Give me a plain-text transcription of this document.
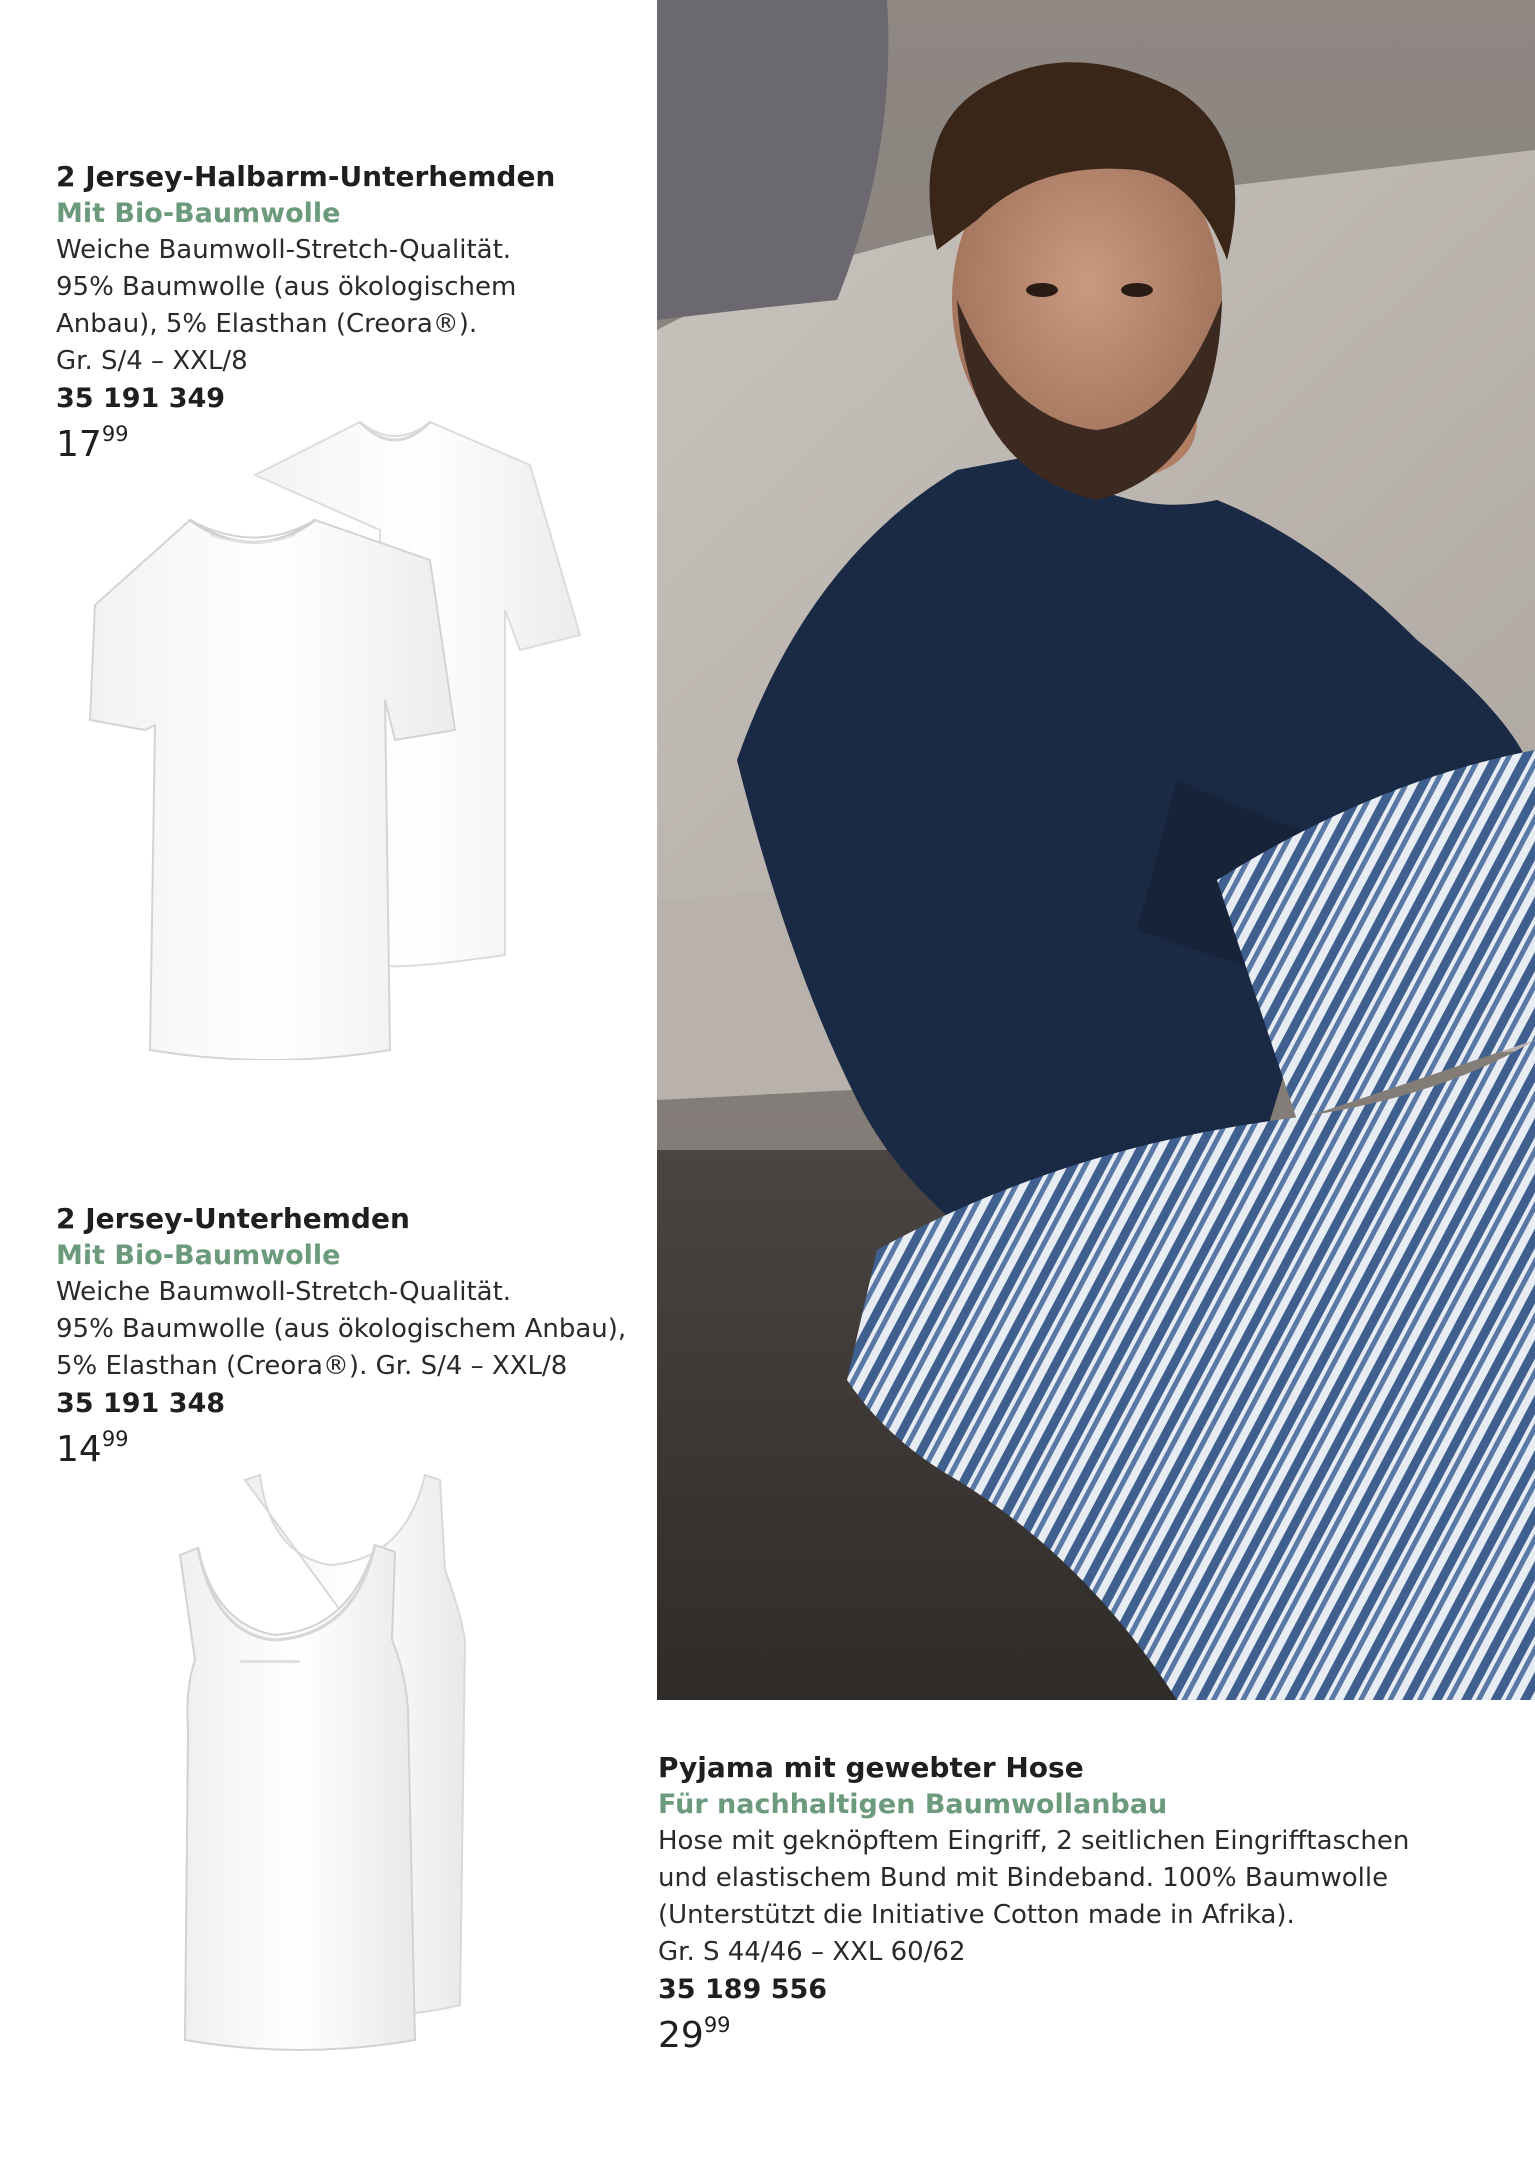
2 Jersey-Halbarm-Unterhemden
Mit Bio-Baumwolle
Weiche Baumwoll-Stretch-Qualität.
95% Baumwolle (aus ökologischem
Anbau), 5% Elasthan (Creora®).
Gr. S/4 – XXL/8
35 191 349
$17^{99}$
2 Jersey-Unterhemden
Mit Bio-Baumwolle
Weiche Baumwoll-Stretch-Qualität.
95% Baumwolle (aus ökologischem Anbau),
5% Elasthan (Creora®). Gr. S/4 – XXL/8
35 191 348
$14^{99}$
Pyjama mit gewebter Hose
Für nachhaltigen Baumwollanbau
Hose mit geknöpftem Eingriff, 2 seitlichen Eingrifftaschen
und elastischem Bund mit Bindeband. 100% Baumwolle
(Unterstützt die Initiative Cotton made in Afrika).
Gr. S 44/46 – XXL 60/62
35 189 556
$29^{99}$
